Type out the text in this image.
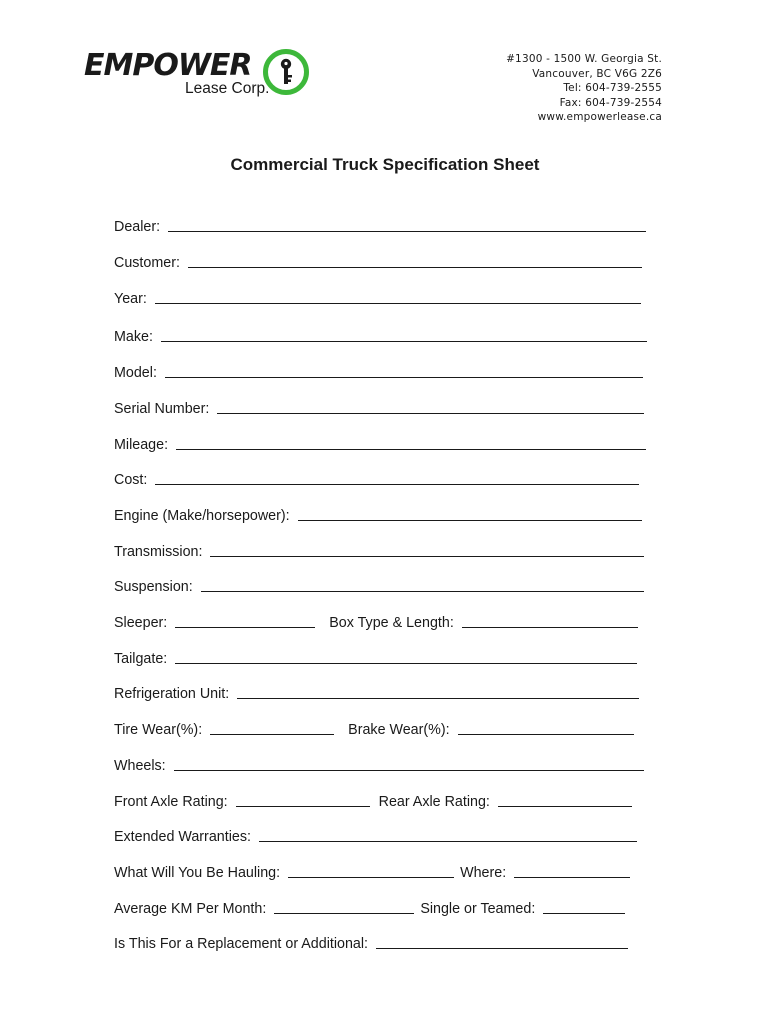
EMPOWER
Lease Corp.
#1300 - 1500 W. Georgia St.
Vancouver, BC V6G 2Z6
Tel: 604-739-2555
Fax: 604-739-2554
www.empowerlease.ca
Commercial Truck Specification Sheet
Dealer:
Customer:
Year:
Make:
Model:
Serial Number:
Mileage:
Cost:
Engine (Make/horsepower):
Transmission:
Suspension:
Sleeper:	Box Type & Length:
Tailgate:
Refrigeration Unit:
Tire Wear(%):	Brake Wear(%):
Wheels:
Front Axle Rating:	Rear Axle Rating:
Extended Warranties:
What Will You Be Hauling:	Where:
Average KM Per Month:	Single or Teamed:
Is This For a Replacement or Additional:
